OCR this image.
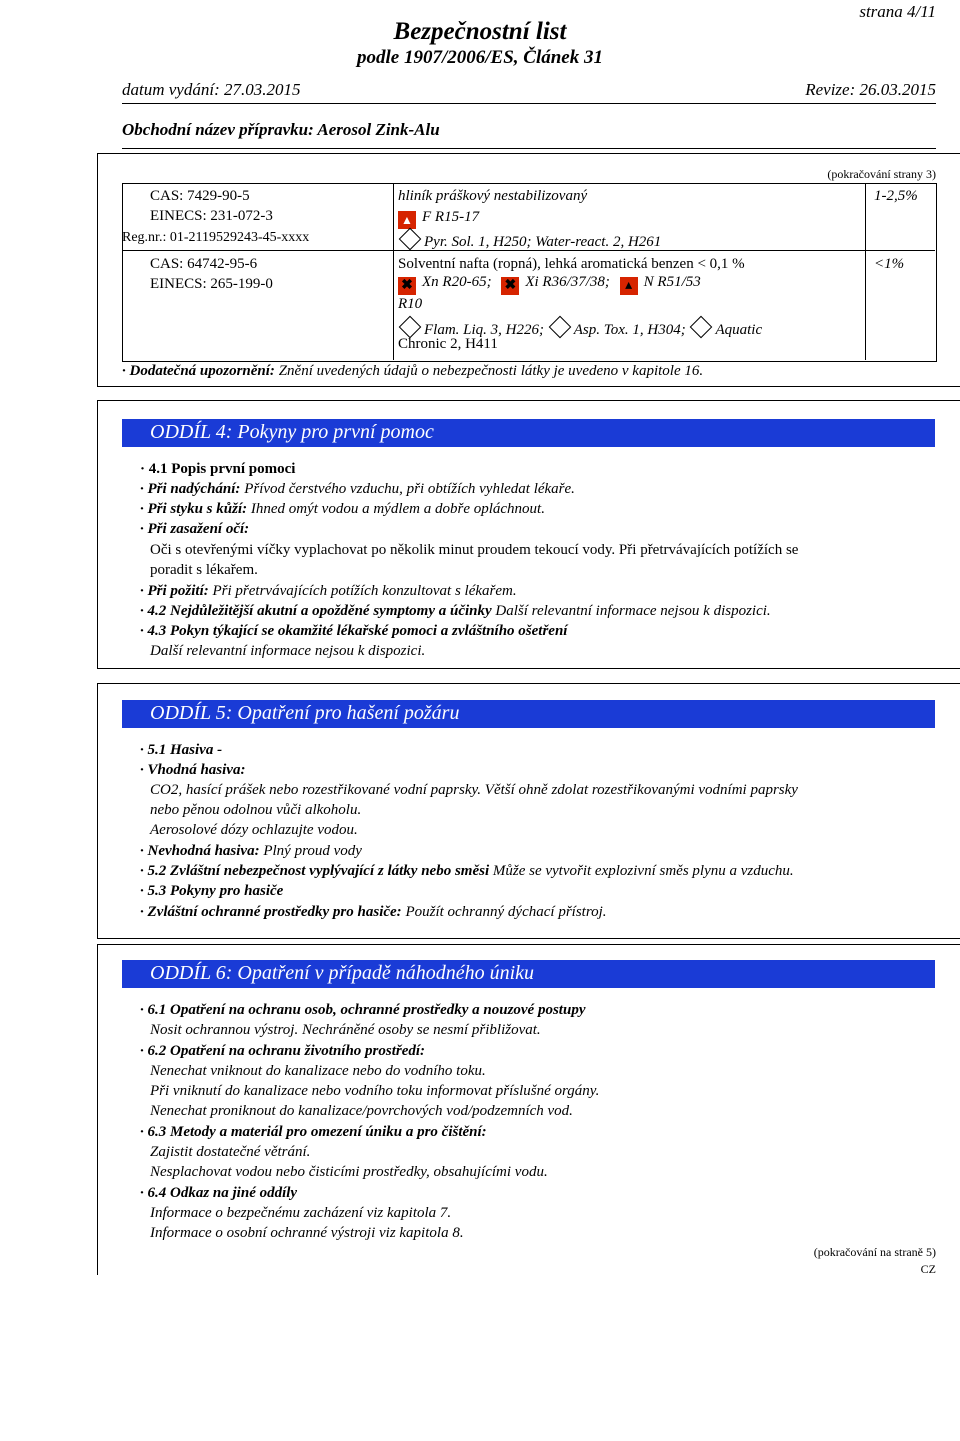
strana 4/11
Bezpečnostní list
podle 1907/2006/ES, Článek 31
datum vydání: 27.03.2015	Revize: 26.03.2015
Obchodní název přípravku: Aerosol Zink-Alu
(pokračování strany 3)
CAS: 7429-90-5
EINECS: 231-072-3
Reg.nr.: 01-2119529243-45-xxxx
hliník práškový nestabilizovaný
▲ F R15-17
Pyr. Sol. 1, H250; Water-react. 2, H261
1-2,5%
CAS: 64742-95-6
EINECS: 265-199-0
Solventní nafta (ropná), lehká aromatická benzen < 0,1 %
✖ Xn R20-65; ✖ Xi R36/37/38; ▴ N R51/53
R10
Flam. Liq. 3, H226; Asp. Tox. 1, H304; Aquatic
Chronic 2, H411
<1%
· Dodatečná upozornění: Znění uvedených údajů o nebezpečnosti látky je uvedeno v kapitole 16.
ODDÍL 4: Pokyny pro první pomoc
· 4.1 Popis první pomoci
· Při nadýchání: Přívod čerstvého vzduchu, při obtížích vyhledat lékaře.
· Při styku s kůží: Ihned omýt vodou a mýdlem a dobře opláchnout.
· Při zasažení očí:
Oči s otevřenými víčky vyplachovat po několik minut proudem tekoucí vody. Při přetrvávajících potížích se
poradit s lékařem.
· Při požití: Při přetrvávajících potížích konzultovat s lékařem.
· 4.2 Nejdůležitější akutní a opožděné symptomy a účinky Další relevantní informace nejsou k dispozici.
· 4.3 Pokyn týkající se okamžité lékařské pomoci a zvláštního ošetření
Další relevantní informace nejsou k dispozici.
ODDÍL 5: Opatření pro hašení požáru
· 5.1 Hasiva -
· Vhodná hasiva:
CO2, hasící prášek nebo rozestřikované vodní paprsky. Větší ohně zdolat rozestřikovanými vodními paprsky
nebo pěnou odolnou vůči alkoholu.
Aerosolové dózy ochlazujte vodou.
· Nevhodná hasiva: Plný proud vody
· 5.2 Zvláštní nebezpečnost vyplývající z látky nebo směsi Může se vytvořit explozivní směs plynu a vzduchu.
· 5.3 Pokyny pro hasiče
· Zvláštní ochranné prostředky pro hasiče: Použít ochranný dýchací přístroj.
ODDÍL 6: Opatření v případě náhodného úniku
· 6.1 Opatření na ochranu osob, ochranné prostředky a nouzové postupy
Nosit ochrannou výstroj. Nechráněné osoby se nesmí přibližovat.
· 6.2 Opatření na ochranu životního prostředí:
Nenechat vniknout do kanalizace nebo do vodního toku.
Při vniknutí do kanalizace nebo vodního toku informovat příslušné orgány.
Nenechat proniknout do kanalizace/povrchových vod/podzemních vod.
· 6.3 Metody a materiál pro omezení úniku a pro čištění:
Zajistit dostatečné větrání.
Nesplachovat vodou nebo čisticími prostředky, obsahujícími vodu.
· 6.4 Odkaz na jiné oddíly
Informace o bezpečnému zacházení viz kapitola 7.
Informace o osobní ochranné výstroji viz kapitola 8.
(pokračování na straně 5)
CZ
